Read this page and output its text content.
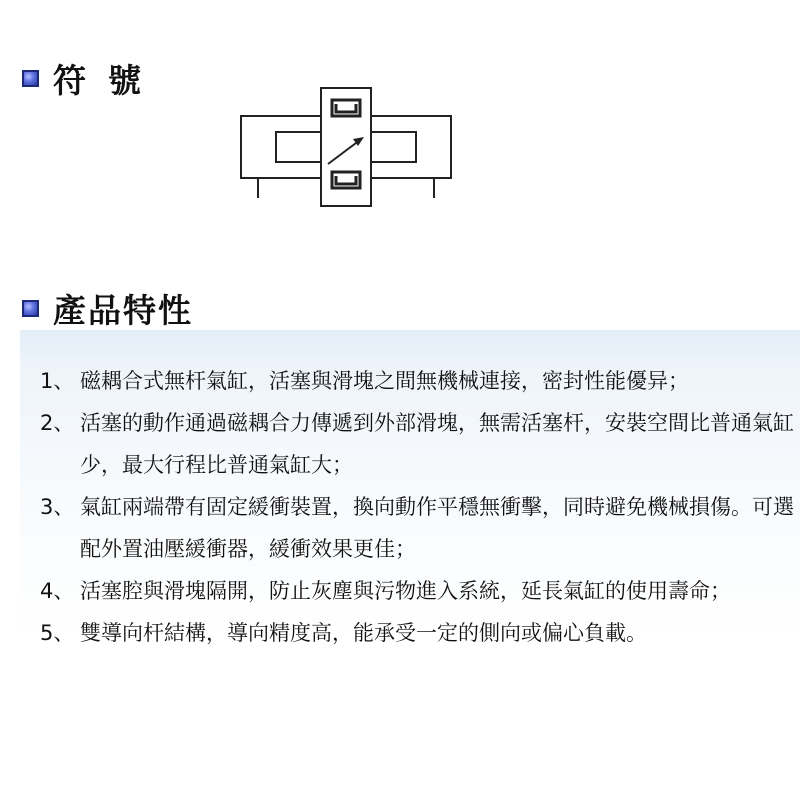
符號
產品特性
1、 磁耦合式無杆氣缸，活塞與滑塊之間無機械連接，密封性能優异；
2、 活塞的動作通過磁耦合力傳遞到外部滑塊，無需活塞杆，安裝空間比普通氣缸少，最大行程比普通氣缸大；
3、 氣缸兩端帶有固定緩衝裝置，換向動作平穩無衝擊，同時避免機械損傷。可選配外置油壓緩衝器，緩衝效果更佳；
4、 活塞腔與滑塊隔開，防止灰塵與污物進入系統，延長氣缸的使用壽命；
5、 雙導向杆結構，導向精度高，能承受一定的側向或偏心負載。
